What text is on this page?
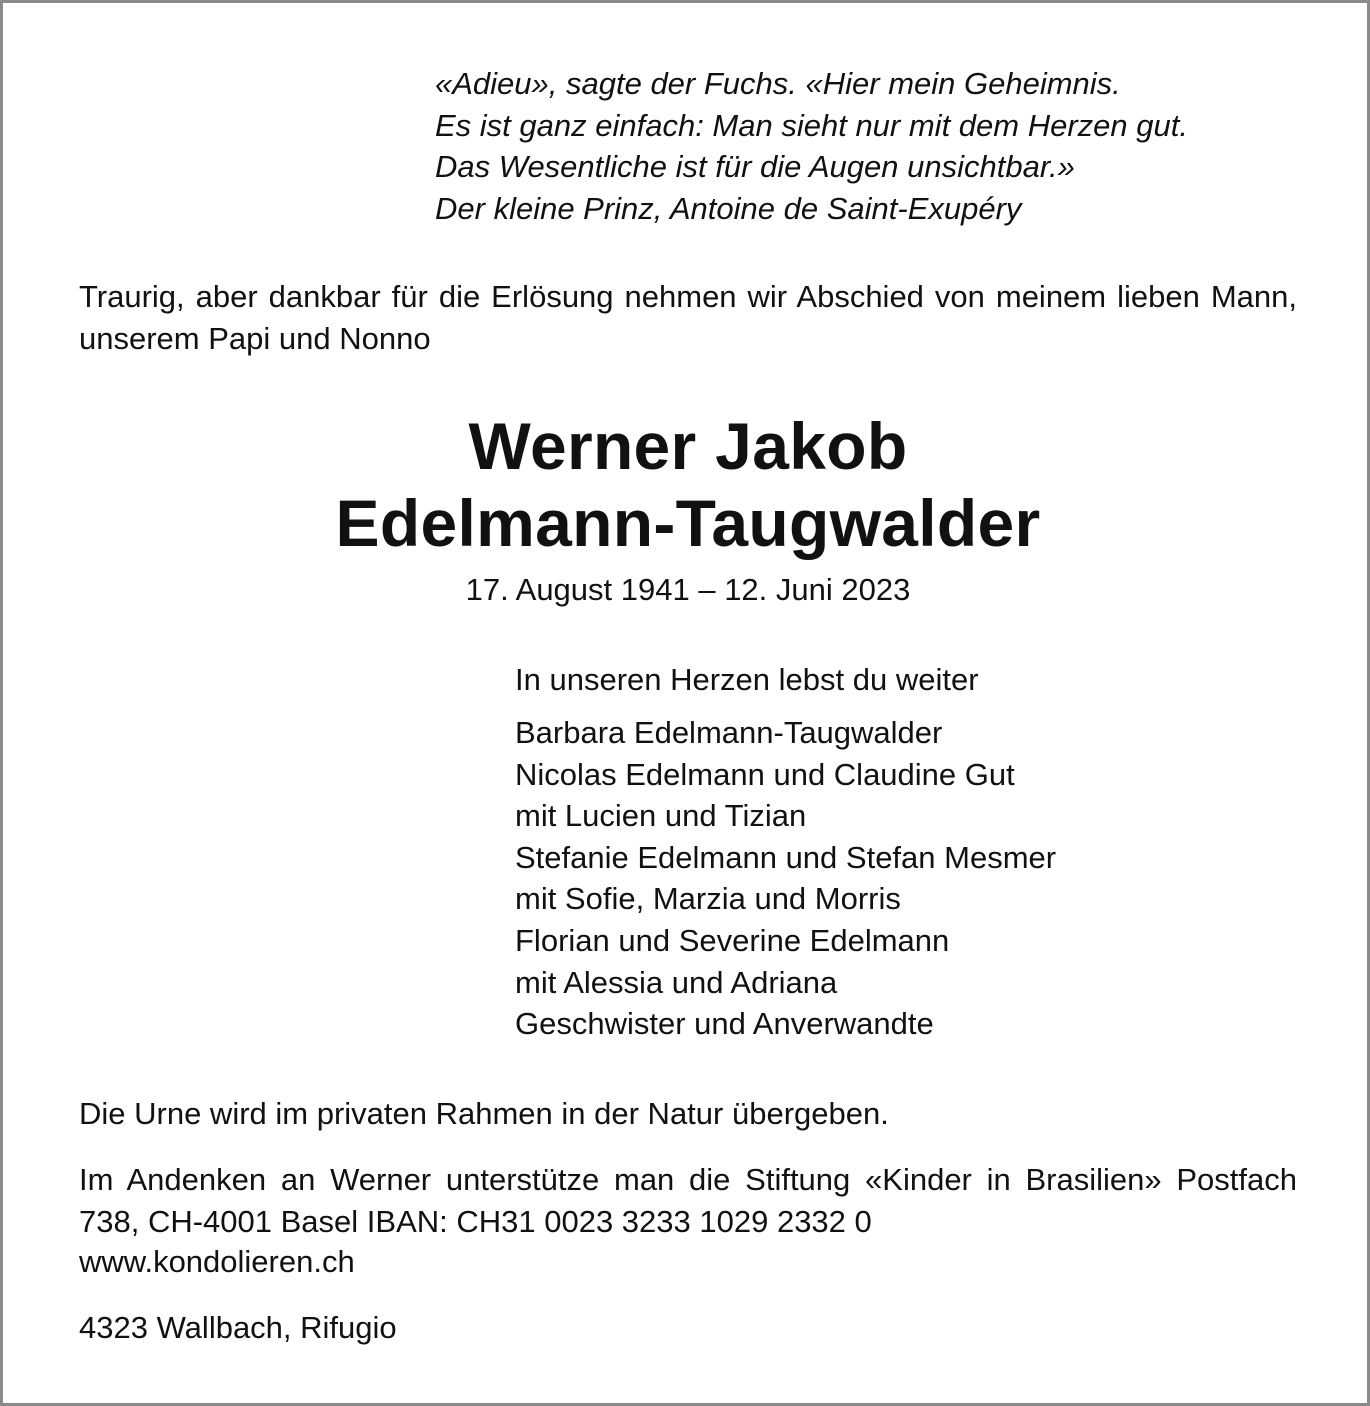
«Adieu», sagte der Fuchs. «Hier mein Geheimnis.
Es ist ganz einfach: Man sieht nur mit dem Herzen gut.
Das Wesentliche ist für die Augen unsichtbar.»
Der kleine Prinz, Antoine de Saint-Exupéry
Traurig, aber dankbar für die Erlösung nehmen wir Abschied von meinem lieben Mann, unserem Papi und Nonno
Werner Jakob
Edelmann-Taugwalder
17. August 1941 – 12. Juni 2023
In unseren Herzen lebst du weiter
Barbara Edelmann-Taugwalder
Nicolas Edelmann und Claudine Gut
mit Lucien und Tizian
Stefanie Edelmann und Stefan Mesmer
mit Sofie, Marzia und Morris
Florian und Severine Edelmann
mit Alessia und Adriana
Geschwister und Anverwandte
Die Urne wird im privaten Rahmen in der Natur übergeben.
Im Andenken an Werner unterstütze man die Stiftung «Kinder in Brasilien» Postfach 738, CH-4001 Basel IBAN: CH31 0023 3233 1029 2332 0
www.kondolieren.ch
4323 Wallbach, Rifugio
